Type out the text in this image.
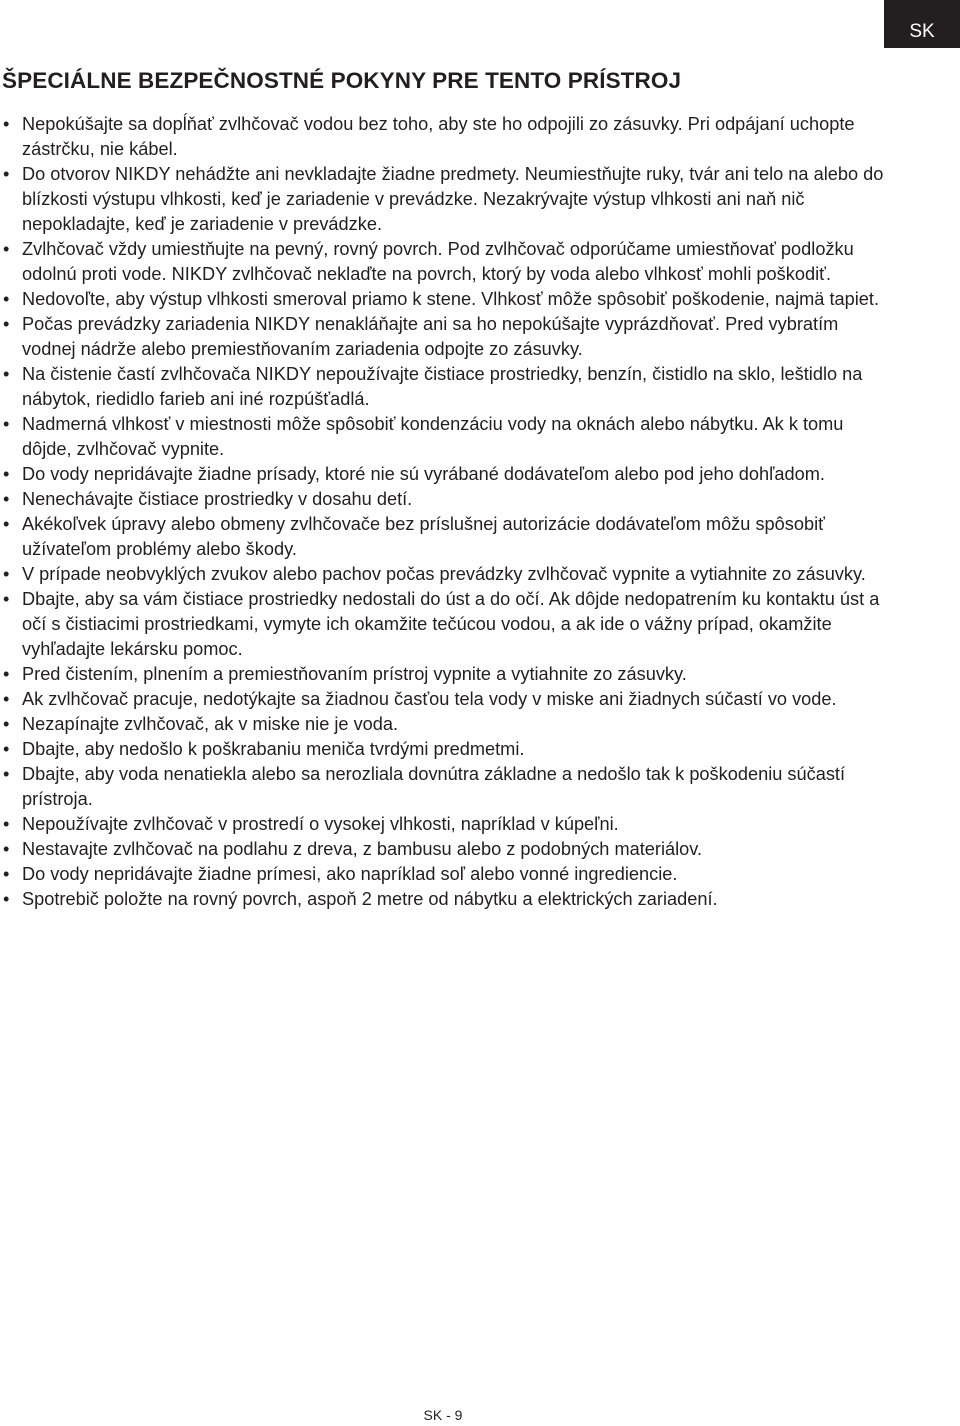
SK
ŠPECIÁLNE BEZPEČNOSTNÉ POKYNY PRE TENTO PRÍSTROJ
• Nepokúšajte sa dopĺňať zvlhčovač vodou bez toho, aby ste ho odpojili zo zásuvky. Pri odpájaní uchopte zástrčku, nie kábel.
• Do otvorov NIKDY nehádžte ani nevkladajte žiadne predmety. Neumiestňujte ruky, tvár ani telo na alebo do blízkosti výstupu vlhkosti, keď je zariadenie v prevádzke. Nezakrývajte výstup vlhkosti ani naň nič nepokladajte, keď je zariadenie v prevádzke.
• Zvlhčovač vždy umiestňujte na pevný, rovný povrch. Pod zvlhčovač odporúčame umiestňovať podložku odolnú proti vode. NIKDY zvlhčovač neklaďte na povrch, ktorý by voda alebo vlhkosť mohli poškodiť.
• Nedovoľte, aby výstup vlhkosti smeroval priamo k stene. Vlhkosť môže spôsobiť poškodenie, najmä tapiet.
• Počas prevádzky zariadenia NIKDY nenakláňajte ani sa ho nepokúšajte vyprázdňovať. Pred vybratím vodnej nádrže alebo premiestňovaním zariadenia odpojte zo zásuvky.
• Na čistenie častí zvlhčovača NIKDY nepoužívajte čistiace prostriedky, benzín, čistidlo na sklo, leštidlo na nábytok, riedidlo farieb ani iné rozpúšťadlá.
• Nadmerná vlhkosť v miestnosti môže spôsobiť kondenzáciu vody na oknách alebo nábytku. Ak k tomu dôjde, zvlhčovač vypnite.
• Do vody nepridávajte žiadne prísady, ktoré nie sú vyrábané dodávateľom alebo pod jeho dohľadom.
• Nenechávajte čistiace prostriedky v dosahu detí.
• Akékoľvek úpravy alebo obmeny zvlhčovače bez príslušnej autorizácie dodávateľom môžu spôsobiť užívateľom problémy alebo škody.
• V prípade neobvyklých zvukov alebo pachov počas prevádzky zvlhčovač vypnite a vytiahnite zo zásuvky.
• Dbajte, aby sa vám čistiace prostriedky nedostali do úst a do očí. Ak dôjde nedopatrením ku kontaktu úst a očí s čistiacimi prostriedkami, vymyte ich okamžite tečúcou vodou, a ak ide o vážny prípad, okamžite vyhľadajte lekársku pomoc.
• Pred čistením, plnením a premiestňovaním prístroj vypnite a vytiahnite zo zásuvky.
• Ak zvlhčovač pracuje, nedotýkajte sa žiadnou časťou tela vody v miske ani žiadnych súčastí vo vode.
• Nezapínajte zvlhčovač, ak v miske nie je voda.
• Dbajte, aby nedošlo k poškrabaniu meniča tvrdými predmetmi.
• Dbajte, aby voda nenatiekla alebo sa nerozliala dovnútra základne a nedošlo tak k poškodeniu súčastí prístroja.
• Nepoužívajte zvlhčovač v prostredí o vysokej vlhkosti, napríklad v kúpeľni.
• Nestavajte zvlhčovač na podlahu z dreva, z bambusu alebo z podobných materiálov.
• Do vody nepridávajte žiadne prímesi, ako napríklad soľ alebo vonné ingrediencie.
• Spotrebič položte na rovný povrch, aspoň 2 metre od nábytku a elektrických zariadení.
SK - 9
